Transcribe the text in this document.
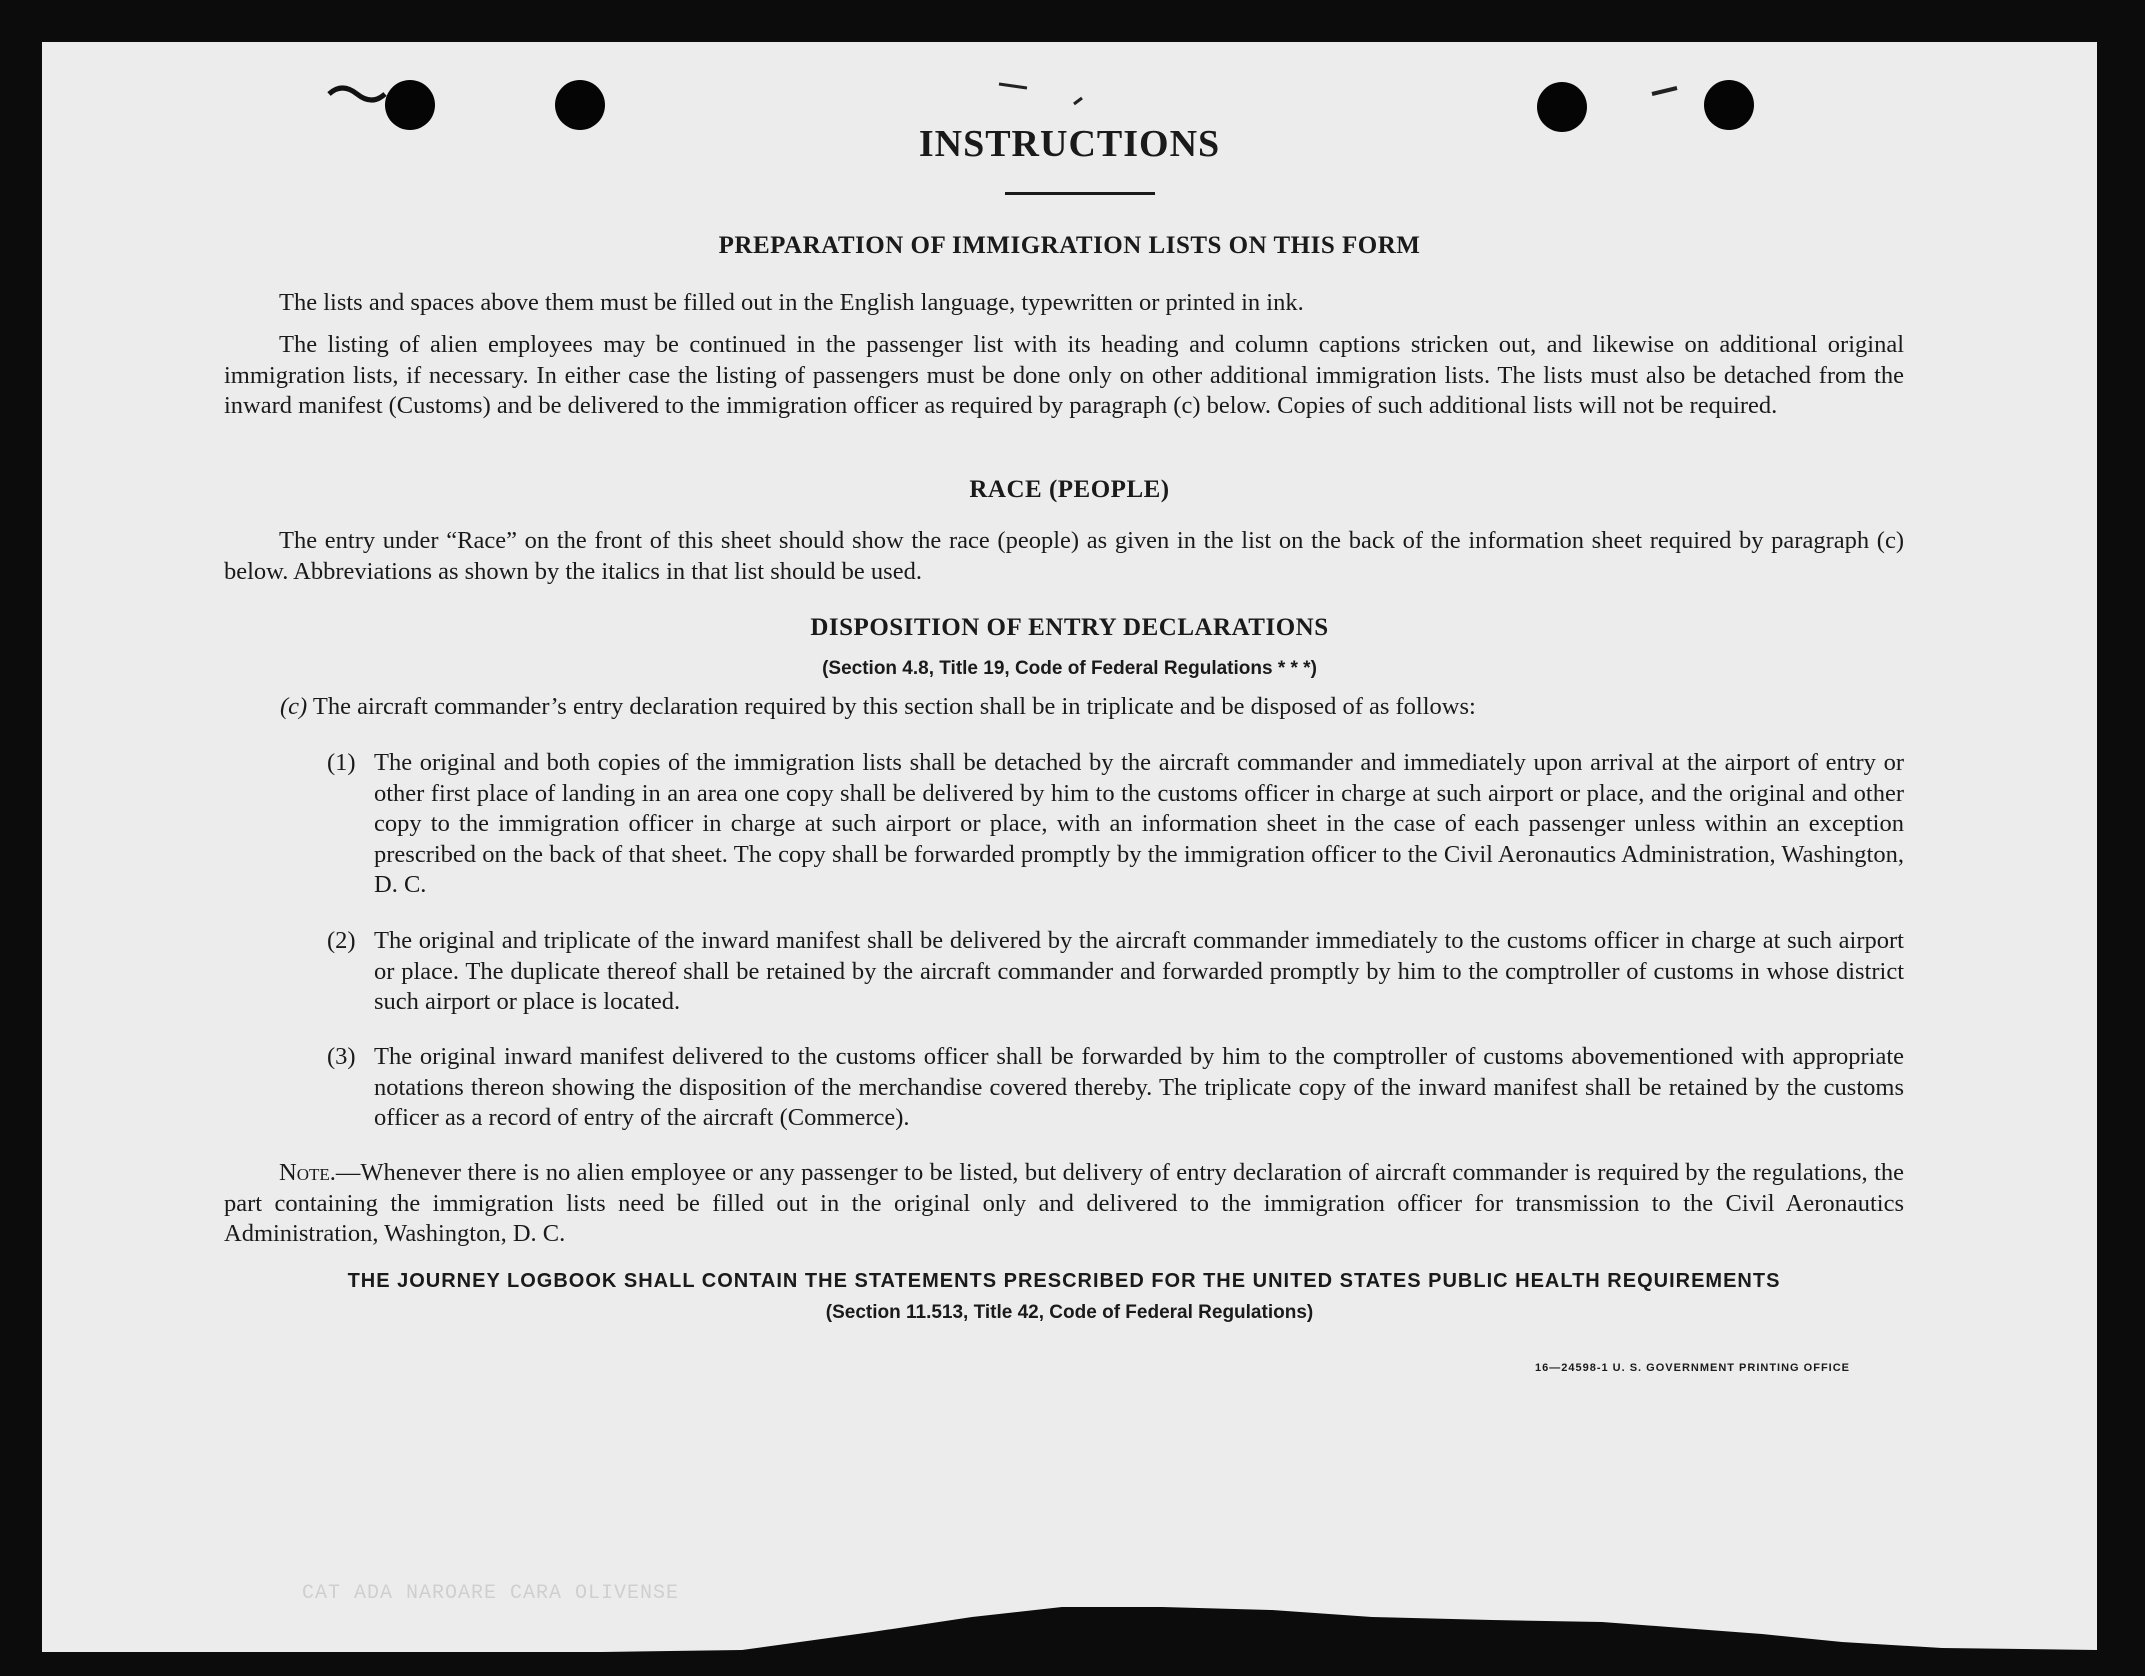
CAT ADA NAROARE CARA OLIVENSE
INSTRUCTIONS
PREPARATION OF IMMIGRATION LISTS ON THIS FORM
The lists and spaces above them must be filled out in the English language, typewritten or printed in ink.
The listing of alien employees may be continued in the passenger list with its heading and column captions stricken out, and likewise on additional original immigration lists, if necessary. In either case the listing of passengers must be done only on other additional immigration lists. The lists must also be detached from the inward manifest (Customs) and be delivered to the immigration officer as required by paragraph (c) below. Copies of such additional lists will not be required.
RACE (PEOPLE)
The entry under “Race” on the front of this sheet should show the race (people) as given in the list on the back of the information sheet required by paragraph (c) below. Abbreviations as shown by the italics in that list should be used.
DISPOSITION OF ENTRY DECLARATIONS
(Section 4.8, Title 19, Code of Federal Regulations * * *)
(c) The aircraft commander’s entry declaration required by this section shall be in triplicate and be disposed of as follows:
(1) The original and both copies of the immigration lists shall be detached by the aircraft commander and immediately upon arrival at the airport of entry or other first place of landing in an area one copy shall be delivered by him to the customs officer in charge at such airport or place, and the original and other copy to the immigration officer in charge at such airport or place, with an information sheet in the case of each passenger unless within an exception prescribed on the back of that sheet. The copy shall be forwarded promptly by the immigration officer to the Civil Aeronautics Administration, Washington, D. C.
(2) The original and triplicate of the inward manifest shall be delivered by the aircraft commander immediately to the customs officer in charge at such airport or place. The duplicate thereof shall be retained by the aircraft commander and forwarded promptly by him to the comptroller of customs in whose district such airport or place is located.
(3) The original inward manifest delivered to the customs officer shall be forwarded by him to the comptroller of customs abovementioned with appropriate notations thereon showing the disposition of the merchandise covered thereby. The triplicate copy of the inward manifest shall be retained by the customs officer as a record of entry of the aircraft (Commerce).
Note.—Whenever there is no alien employee or any passenger to be listed, but delivery of entry declaration of aircraft commander is required by the regulations, the part containing the immigration lists need be filled out in the original only and delivered to the immigration officer for transmission to the Civil Aeronautics Administration, Washington, D. C.
THE JOURNEY LOGBOOK SHALL CONTAIN THE STATEMENTS PRESCRIBED FOR THE UNITED STATES PUBLIC HEALTH REQUIREMENTS
(Section 11.513, Title 42, Code of Federal Regulations)
16—24598-1 U. S. GOVERNMENT PRINTING OFFICE
